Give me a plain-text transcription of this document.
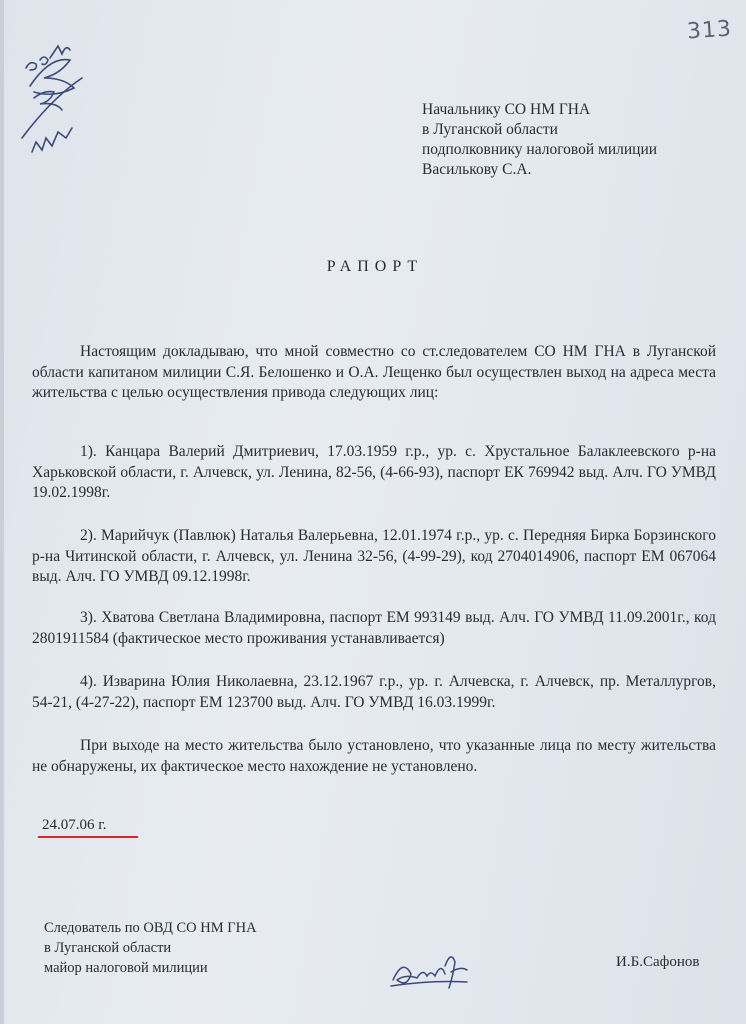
313
Начальнику СО НМ ГНА
в Луганской области
подполковнику налоговой милиции
Василькову С.А.
РАПОРТ

Настоящим докладываю, что мной совместно со ст.следователем СО НМ ГНА в Луганской области капитаном милиции С.Я. Белошенко и О.А. Лещенко был осуществлен выход на адреса места жительства с целью осуществления привода следующих лиц:

1). Канцара Валерий Дмитриевич, 17.03.1959 г.р., ур. с. Хрустальное Балаклеевского р-на Харьковской области, г. Алчевск, ул. Ленина, 82-56, (4-66-93), паспорт ЕК 769942 выд. Алч. ГО УМВД 19.02.1998г.

2). Марийчук (Павлюк) Наталья Валерьевна, 12.01.1974 г.р., ур. с. Передняя Бирка Борзинского р-на Читинской области, г. Алчевск, ул. Ленина 32-56, (4-99-29), код 2704014906, паспорт ЕМ 067064 выд. Алч. ГО УМВД 09.12.1998г.

3). Хватова Светлана Владимировна, паспорт ЕМ 993149 выд. Алч. ГО УМВД 11.09.2001г., код 2801911584 (фактическое место проживания устанавливается)

4). Изварина Юлия Николаевна, 23.12.1967 г.р., ур. г. Алчевска, г. Алчевск, пр. Металлургов, 54-21, (4-27-22), паспорт ЕМ 123700 выд. Алч. ГО УМВД 16.03.1999г.

При выходе на место жительства было установлено, что указанные лица по месту жительства не обнаружены, их фактическое место нахождение не установлено.

24.07.06 г.
Следователь по ОВД СО НМ ГНА
в Луганской области
майор налоговой милиции	И.Б.Сафонов
